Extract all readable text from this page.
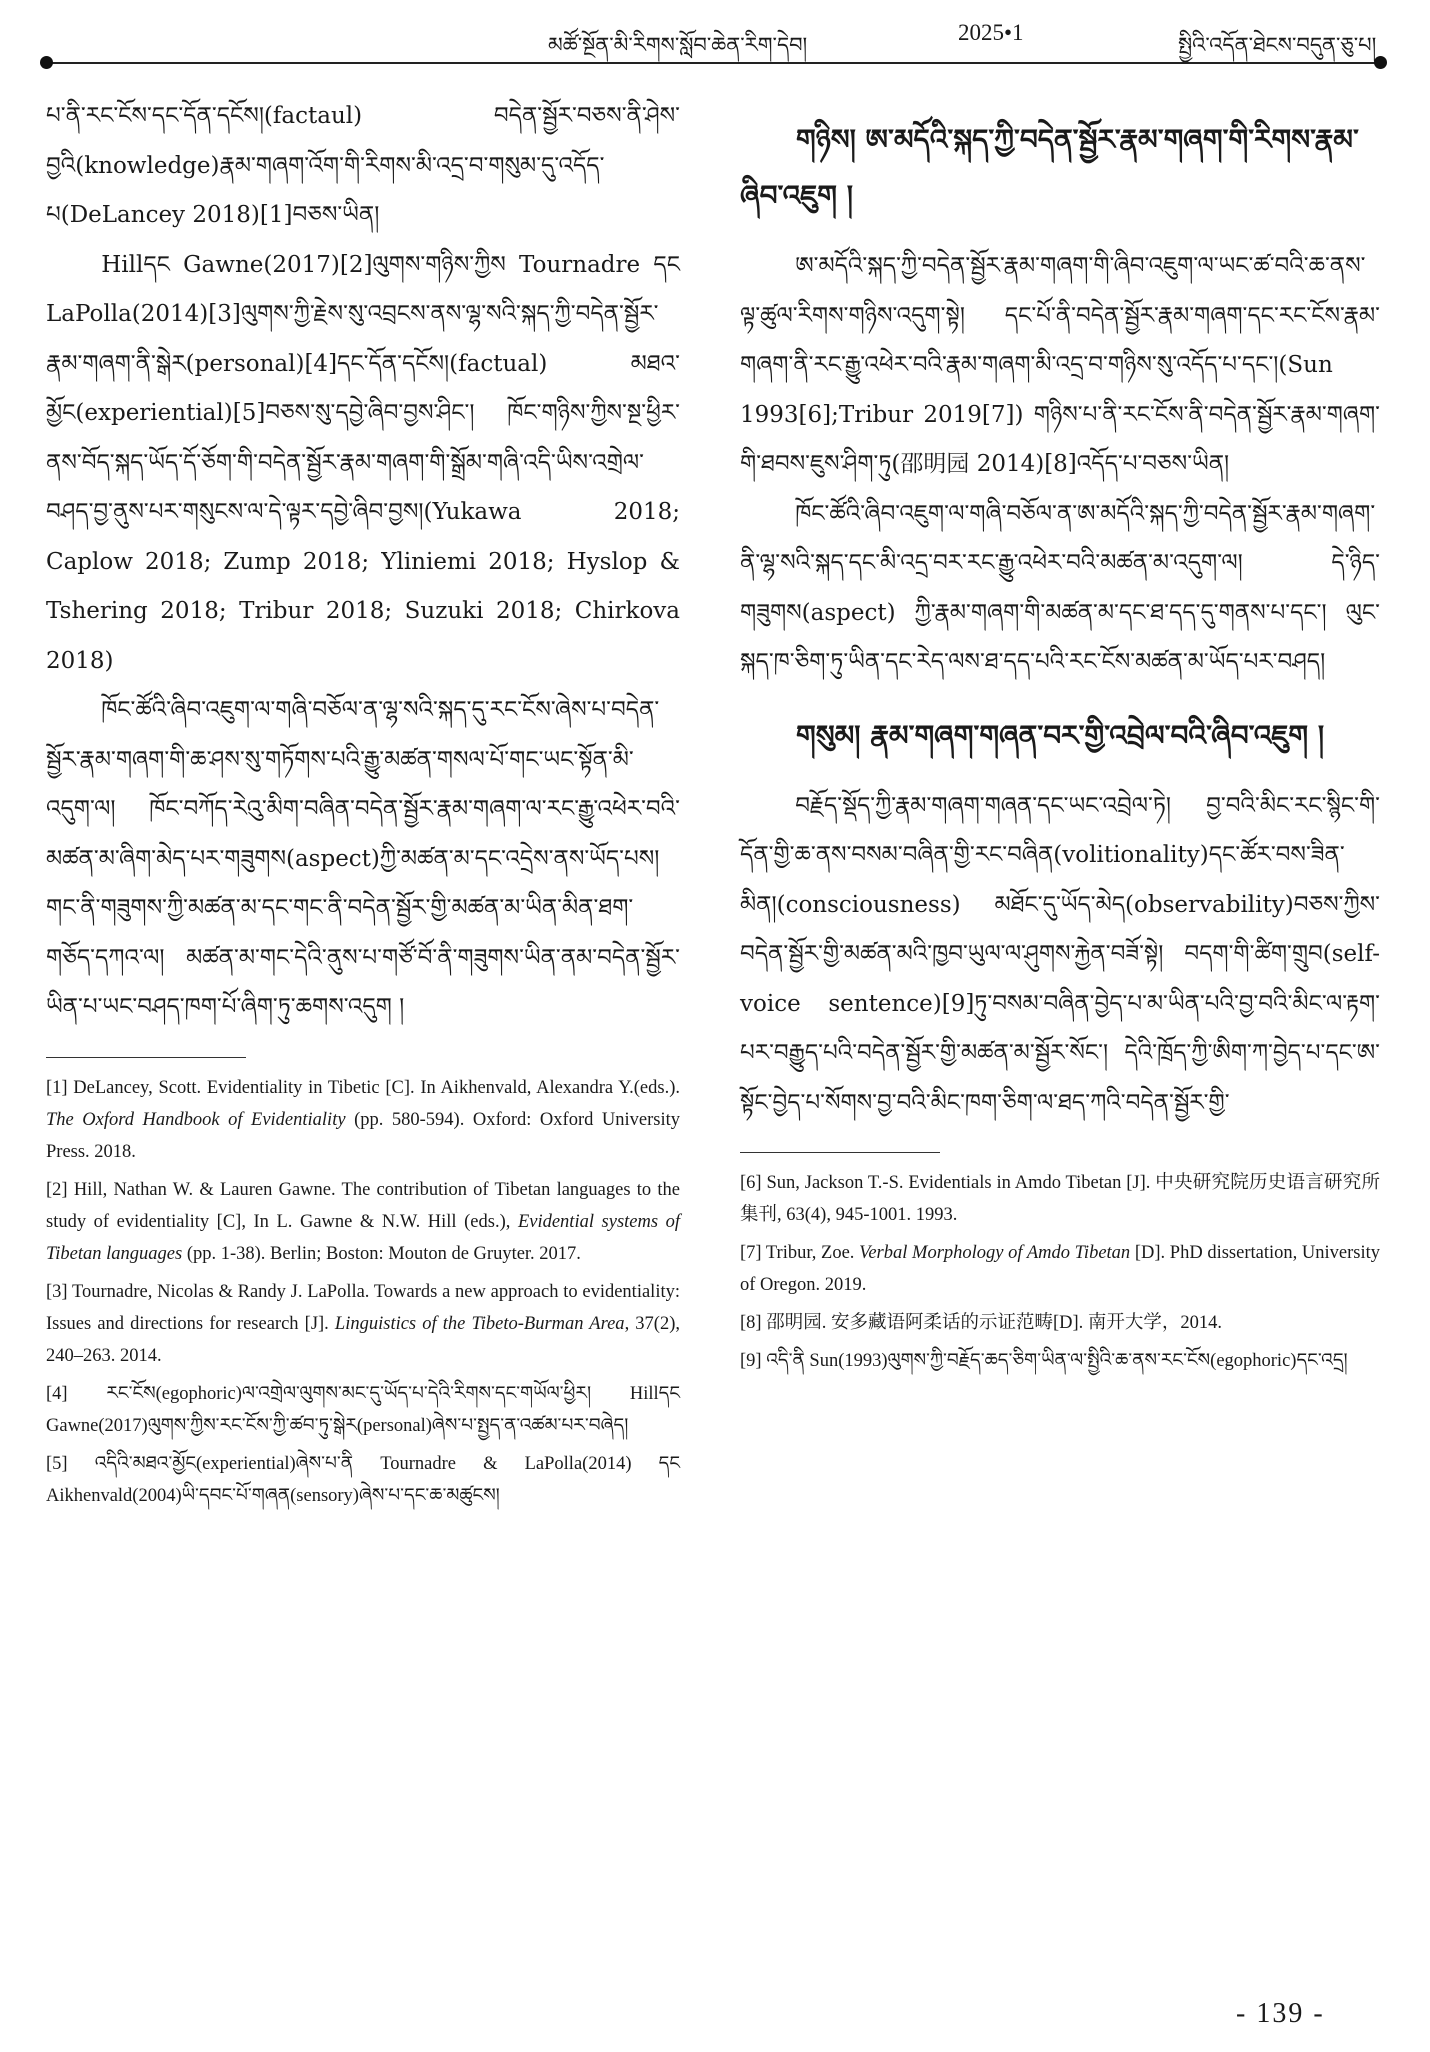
མཚོ་སྔོན་མི་རིགས་སློབ་ཆེན་རིག་དེབ།	2025•1	སྤྱིའི་འདོན་ཐེངས་བདུན་ཅུ་པ།

པ་ནི་རང་ངོས་དང་དོན་དངོས།(factaul) བདེན་སྦྱོར་བཅས་ནི་ཤེས་བྱའི(knowledge)རྣམ་གཞག་འོག་གི་རིགས་མི་འདྲ་བ་གསུམ་དུ་འདོད་པ(DeLancey 2018)[1]བཅས་ཡིན།

Hillདང Gawne(2017)[2]ལུགས་གཉིས་ཀྱིས Tournadre དང LaPolla(2014)[3]ལུགས་ཀྱི་རྗེས་སུ་འབྲངས་ནས་ལྷ་སའི་སྐད་ཀྱི་བདེན་སྦྱོར་རྣམ་གཞག་ནི་སྒེར(personal)[4]དང་དོན་དངོས།(factual) མཐའ་མྱོང(experiential)[5]བཅས་སུ་དབྱེ་ཞིབ་བྱས་ཤིང་། ཁོང་གཉིས་ཀྱིས་སྔ་ཕྱིར་ནས་བོད་སྐད་ཡོད་དོ་ཅོག་གི་བདེན་སྦྱོར་རྣམ་གཞག་གི་སྒྲོམ་གཞི་འདི་ཡིས་འགྲེལ་བཤད་བྱ་ནུས་པར་གསུངས་ལ་དེ་ལྟར་དབྱེ་ཞིབ་བྱས།(Yukawa 2018; Caplow 2018; Zump 2018; Yliniemi 2018; Hyslop & Tshering 2018; Tribur 2018; Suzuki 2018; Chirkova 2018)

ཁོང་ཚོའི་ཞིབ་འཇུག་ལ་གཞི་བཅོལ་ན་ལྷ་སའི་སྐད་དུ་རང་ངོས་ཞེས་པ་བདེན་སྦྱོར་རྣམ་གཞག་གི་ཆ་ཤས་སུ་གཏོགས་པའི་རྒྱུ་མཚན་གསལ་པོ་གང་ཡང་སྟོན་མི་འདུག་ལ། ཁོང་བཀོད་རེའུ་མིག་བཞིན་བདེན་སྦྱོར་རྣམ་གཞག་ལ་རང་རྒྱུ་འཕེར་བའི་མཚན་མ་ཞིག་མེད་པར་གཟུགས(aspect)ཀྱི་མཚན་མ་དང་འདྲེས་ནས་ཡོད་པས། གང་ནི་གཟུགས་ཀྱི་མཚན་མ་དང་གང་ནི་བདེན་སྦྱོར་གྱི་མཚན་མ་ཡིན་མིན་ཐག་གཅོད་དཀའ་ལ། མཚན་མ་གང་དེའི་ནུས་པ་གཙོ་བོ་ནི་གཟུགས་ཡིན་ནམ་བདེན་སྦྱོར་ཡིན་པ་ཡང་བཤད་ཁག་པོ་ཞིག་ཏུ་ཆགས་འདུག །

[1] DeLancey, Scott. Evidentiality in Tibetic [C]. In Aikhenvald, Alexandra Y.(eds.). The Oxford Handbook of Evidentiality (pp. 580-594). Oxford: Oxford University Press. 2018.

[2] Hill, Nathan W. & Lauren Gawne. The contribution of Tibetan languages to the study of evidentiality [C], In L. Gawne & N.W. Hill (eds.), Evidential systems of Tibetan languages (pp. 1-38). Berlin; Boston: Mouton de Gruyter. 2017.

[3] Tournadre, Nicolas & Randy J. LaPolla. Towards a new approach to evidentiality: Issues and directions for research [J]. Linguistics of the Tibeto-Burman Area, 37(2), 240–263. 2014.

[4] རང་ངོས(egophoric)ལ་འགྲེལ་ལུགས་མང་དུ་ཡོད་པ་དེའི་རིགས་དང་གཡོལ་ཕྱིར། Hillདང Gawne(2017)ལུགས་ཀྱིས་རང་ངོས་ཀྱི་ཚབ་ཏུ་སྒེར(personal)ཞེས་པ་སྤྱད་ན་འཚམ་པར་བཞེད།

[5] འདིའི་མཐའ་མྱོང(experiential)ཞེས་པ་ནི Tournadre & LaPolla(2014) དང Aikhenvald(2004)ཡི་དབང་པོ་གཞན(sensory)ཞེས་པ་དང་ཆ་མཚུངས།

གཉིས། ཨ་མདོའི་སྐད་ཀྱི་བདེན་སྦྱོར་རྣམ་གཞག་གི་རིགས་རྣམ་ཞིབ་འཇུག །

ཨ་མདོའི་སྐད་ཀྱི་བདེན་སྦྱོར་རྣམ་གཞག་གི་ཞིབ་འཇུག་ལ་ཡང་ཚ་བའི་ཆ་ནས་ལྟ་ཚུལ་རིགས་གཉིས་འདུག་སྟེ། དང་པོ་ནི་བདེན་སྦྱོར་རྣམ་གཞག་དང་རང་ངོས་རྣམ་གཞག་ནི་རང་རྒྱུ་འཕེར་བའི་རྣམ་གཞག་མི་འདྲ་བ་གཉིས་སུ་འདོད་པ་དང་།(Sun 1993[6];Tribur 2019[7]) གཉིས་པ་ནི་རང་ངོས་ནི་བདེན་སྦྱོར་རྣམ་གཞག་གི་ཐབས་ཇུས་ཤིག་ཏུ(邵明园 2014)[8]འདོད་པ་བཅས་ཡིན།

ཁོང་ཚོའི་ཞིབ་འཇུག་ལ་གཞི་བཅོལ་ན་ཨ་མདོའི་སྐད་ཀྱི་བདེན་སྦྱོར་རྣམ་གཞག་ནི་ལྷ་སའི་སྐད་དང་མི་འདྲ་བར་རང་རྒྱུ་འཕེར་བའི་མཚན་མ་འདུག་ལ། དེ་ཉིད་གཟུགས(aspect) ཀྱི་རྣམ་གཞག་གི་མཚན་མ་དང་ཐ་དད་དུ་གནས་པ་དང་། ལུང་སྐད་ཁ་ཅིག་ཏུ་ཡིན་དང་རེད་ལས་ཐ་དད་པའི་རང་ངོས་མཚན་མ་ཡོད་པར་བཤད།

གསུམ། རྣམ་གཞག་གཞན་བར་གྱི་འབྲེལ་བའི་ཞིབ་འཇུག །

བརྗོད་སྡོད་ཀྱི་རྣམ་གཞག་གཞན་དང་ཡང་འབྲེལ་ཏེ། བྱ་བའི་མིང་རང་སྙིང་གི་དོན་གྱི་ཆ་ནས་བསམ་བཞིན་གྱི་རང་བཞིན(volitionality)དང་ཚོར་བས་ཟིན་མིན།(consciousness) མཐོང་དུ་ཡོད་མེད(observability)བཅས་ཀྱིས་བདེན་སྦྱོར་གྱི་མཚན་མའི་ཁྱབ་ཡུལ་ལ་ཤུགས་རྐྱེན་བཟོ་སྟེ། བདག་གི་ཚིག་གྲུབ(self-voice sentence)[9]ཏུ་བསམ་བཞིན་བྱེད་པ་མ་ཡིན་པའི་བྱ་བའི་མིང་ལ་རྟག་པར་བརྒྱུད་པའི་བདེན་སྦྱོར་གྱི་མཚན་མ་སྦྱོར་སོང་། དེའི་ཁྲོད་ཀྱི་ཨིག་ཀ་བྱེད་པ་དང་ཨ་སྟོང་བྱེད་པ་སོགས་བྱ་བའི་མིང་ཁག་ཅིག་ལ་ཐད་ཀའི་བདེན་སྦྱོར་གྱི་

[6] Sun, Jackson T.-S. Evidentials in Amdo Tibetan [J]. 中央研究院历史语言研究所集刊, 63(4), 945-1001. 1993.

[7] Tribur, Zoe. Verbal Morphology of Amdo Tibetan [D]. PhD dissertation, University of Oregon. 2019.

[8] 邵明园. 安多藏语阿柔话的示证范畴[D]. 南开大学，2014.

[9] འདི་ནི Sun(1993)ལུགས་ཀྱི་བརྗོད་ཆད་ཅིག་ཡིན་ལ་སྤྱིའི་ཆ་ནས་རང་ངོས(egophoric)དང་འདྲ།

- 139 -
